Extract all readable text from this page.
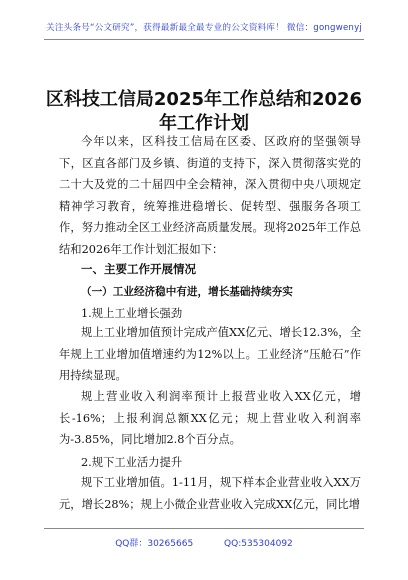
关注头条号“公文研究”，获得最新最全最专业的公文资料库！ 微信：gongwenyj
区科技工信局2025年工作总结和2026年工作计划

今年以来，区科技工信局在区委、区政府的坚强领导下，区直各部门及乡镇、街道的支持下，深入贯彻落实党的二十大及党的二十届四中全会精神，深入贯彻中央八项规定精神学习教育，统筹推进稳增长、促转型、强服务各项工作，努力推动全区工业经济高质量发展。现将2025年工作总结和2026年工作计划汇报如下：

一、主要工作开展情况
（一）工业经济稳中有进，增长基础持续夯实
1.规上工业增长强劲

规上工业增加值预计完成产值XX亿元、增长12.3%，全年规上工业增加值增速约为12%以上。工业经济“压舱石”作用持续显现。

规上营业收入利润率预计上报营业收入XX亿元，增长-16%；上报利润总额XX亿元；规上营业收入利润率为-3.85%，同比增加2.8个百分点。

2.规下工业活力提升

规下工业增加值。1-11月，规下样本企业营业收入XX万元，增长28%；规上小微企业营业收入完成XX亿元，同比增

QQ群：30265665	QQ:535304092
